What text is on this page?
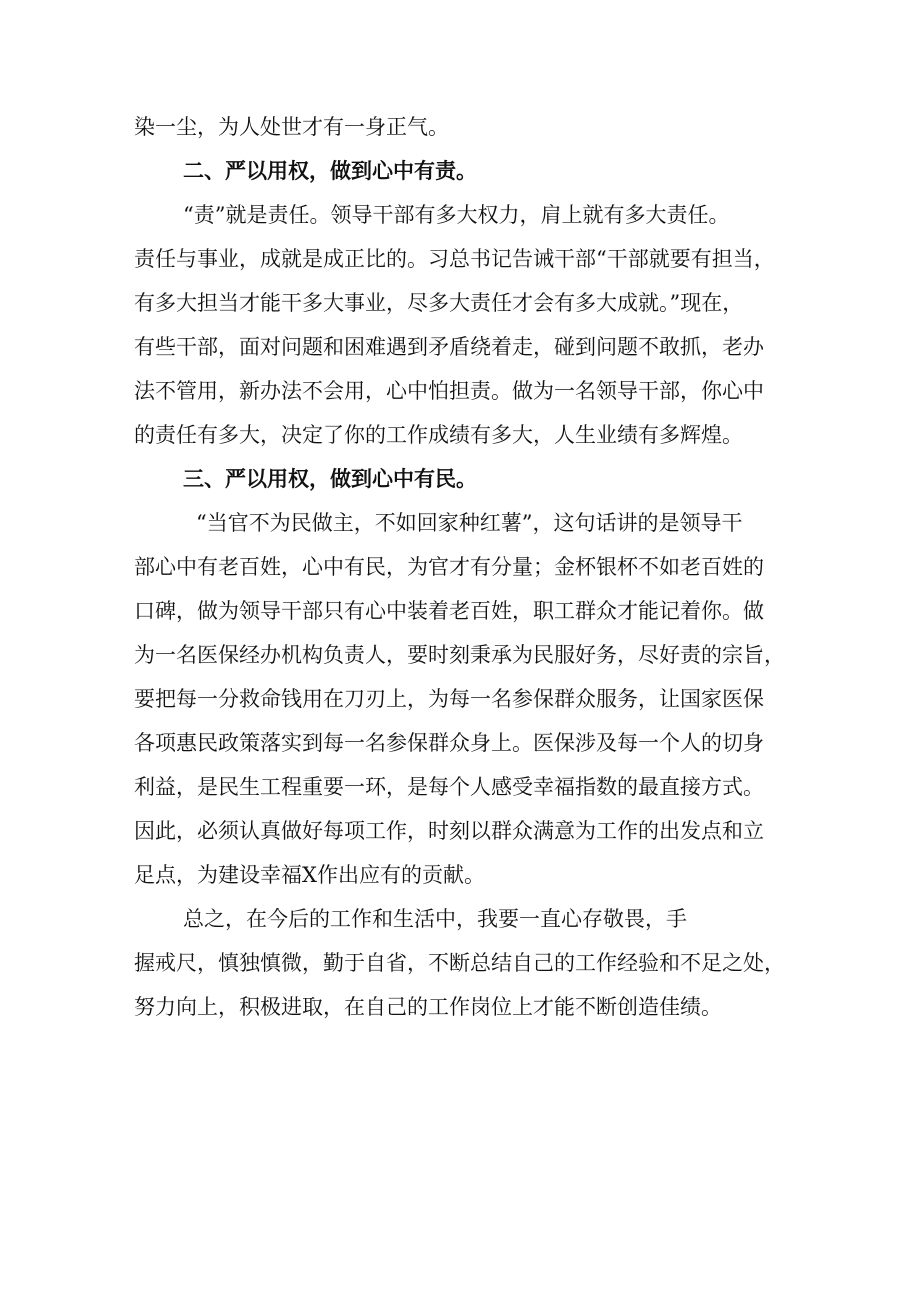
染一尘，为人处世才有一身正气。
二、严以用权，做到心中有责。
“责”就是责任。领导干部有多大权力，肩上就有多大责任。
责任与事业，成就是成正比的。习总书记告诫干部“干部就要有担当，
有多大担当才能干多大事业，尽多大责任才会有多大成就。”现在，
有些干部，面对问题和困难遇到矛盾绕着走，碰到问题不敢抓，老办
法不管用，新办法不会用，心中怕担责。做为一名领导干部，你心中
的责任有多大，决定了你的工作成绩有多大，人生业绩有多辉煌。
三、严以用权，做到心中有民。
“当官不为民做主，不如回家种红薯”，这句话讲的是领导干
部心中有老百姓，心中有民，为官才有分量；金杯银杯不如老百姓的
口碑，做为领导干部只有心中装着老百姓，职工群众才能记着你。做
为一名医保经办机构负责人，要时刻秉承为民服好务，尽好责的宗旨，
要把每一分救命钱用在刀刃上，为每一名参保群众服务，让国家医保
各项惠民政策落实到每一名参保群众身上。医保涉及每一个人的切身
利益，是民生工程重要一环，是每个人感受幸福指数的最直接方式。
因此，必须认真做好每项工作，时刻以群众满意为工作的出发点和立
足点，为建设幸福X作出应有的贡献。
总之，在今后的工作和生活中，我要一直心存敬畏，手
握戒尺，慎独慎微，勤于自省，不断总结自己的工作经验和不足之处，
努力向上，积极进取，在自己的工作岗位上才能不断创造佳绩。
